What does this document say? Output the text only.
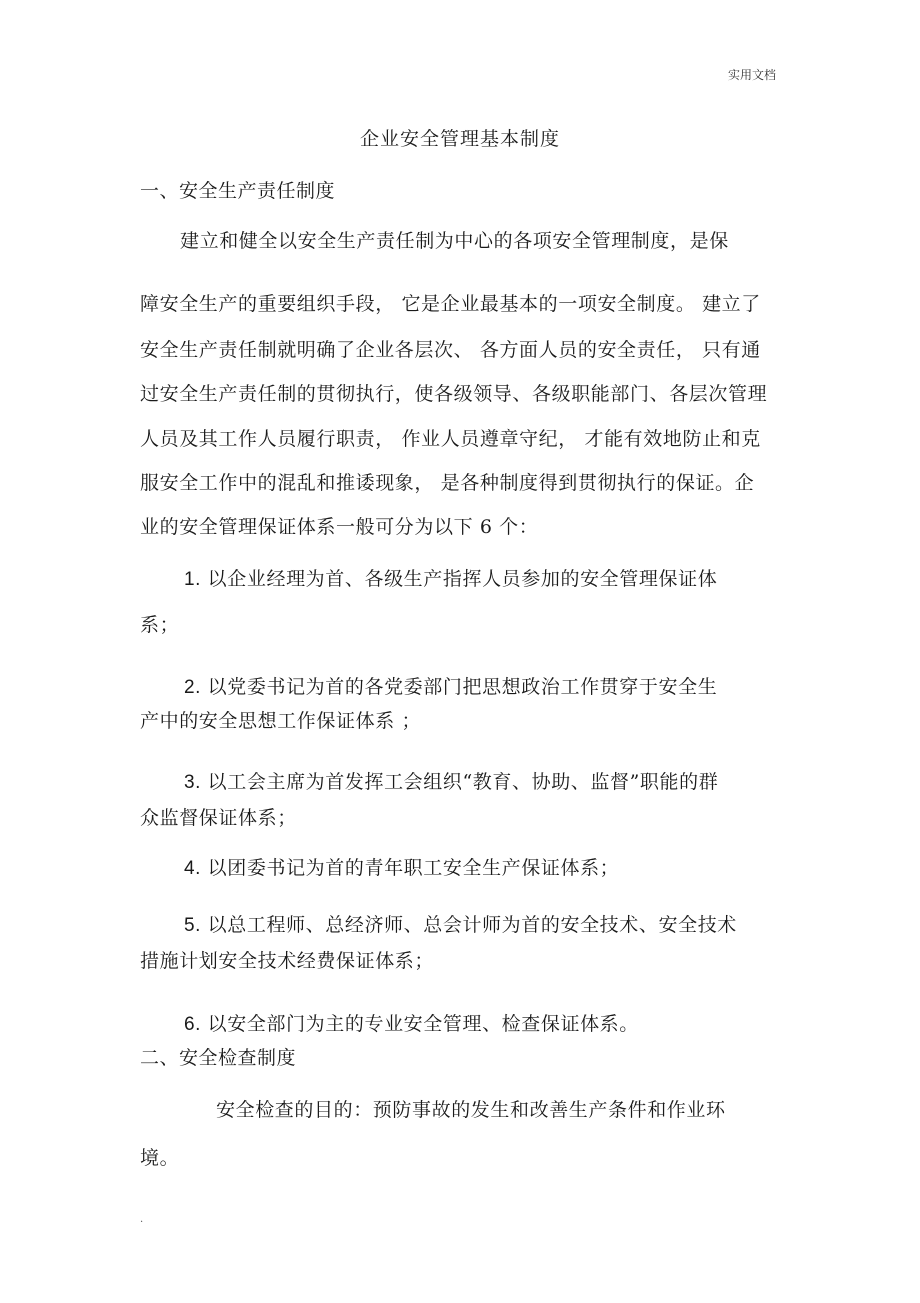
实用文档
企业安全管理基本制度
一、安全生产责任制度
建立和健全以安全生产责任制为中心的各项安全管理制度，是保
障安全生产的重要组织手段， 它是企业最基本的一项安全制度。 建立了
安全生产责任制就明确了企业各层次、 各方面人员的安全责任， 只有通
过安全生产责任制的贯彻执行，使各级领导、各级职能部门、各层次管理
人员及其工作人员履行职责， 作业人员遵章守纪， 才能有效地防止和克
服安全工作中的混乱和推诿现象， 是各种制度得到贯彻执行的保证。企
业的安全管理保证体系一般可分为以下 6 个：
1. 以企业经理为首、各级生产指挥人员参加的安全管理保证体
系；
2. 以党委书记为首的各党委部门把思想政治工作贯穿于安全生
产中的安全思想工作保证体系 ；
3. 以工会主席为首发挥工会组织“教育、协助、监督”职能的群
众监督保证体系；
4. 以团委书记为首的青年职工安全生产保证体系；
5. 以总工程师、总经济师、总会计师为首的安全技术、安全技术
措施计划安全技术经费保证体系；
6. 以安全部门为主的专业安全管理、检查保证体系。
二、安全检查制度
安全检查的目的：预防事故的发生和改善生产条件和作业环
境。
.
